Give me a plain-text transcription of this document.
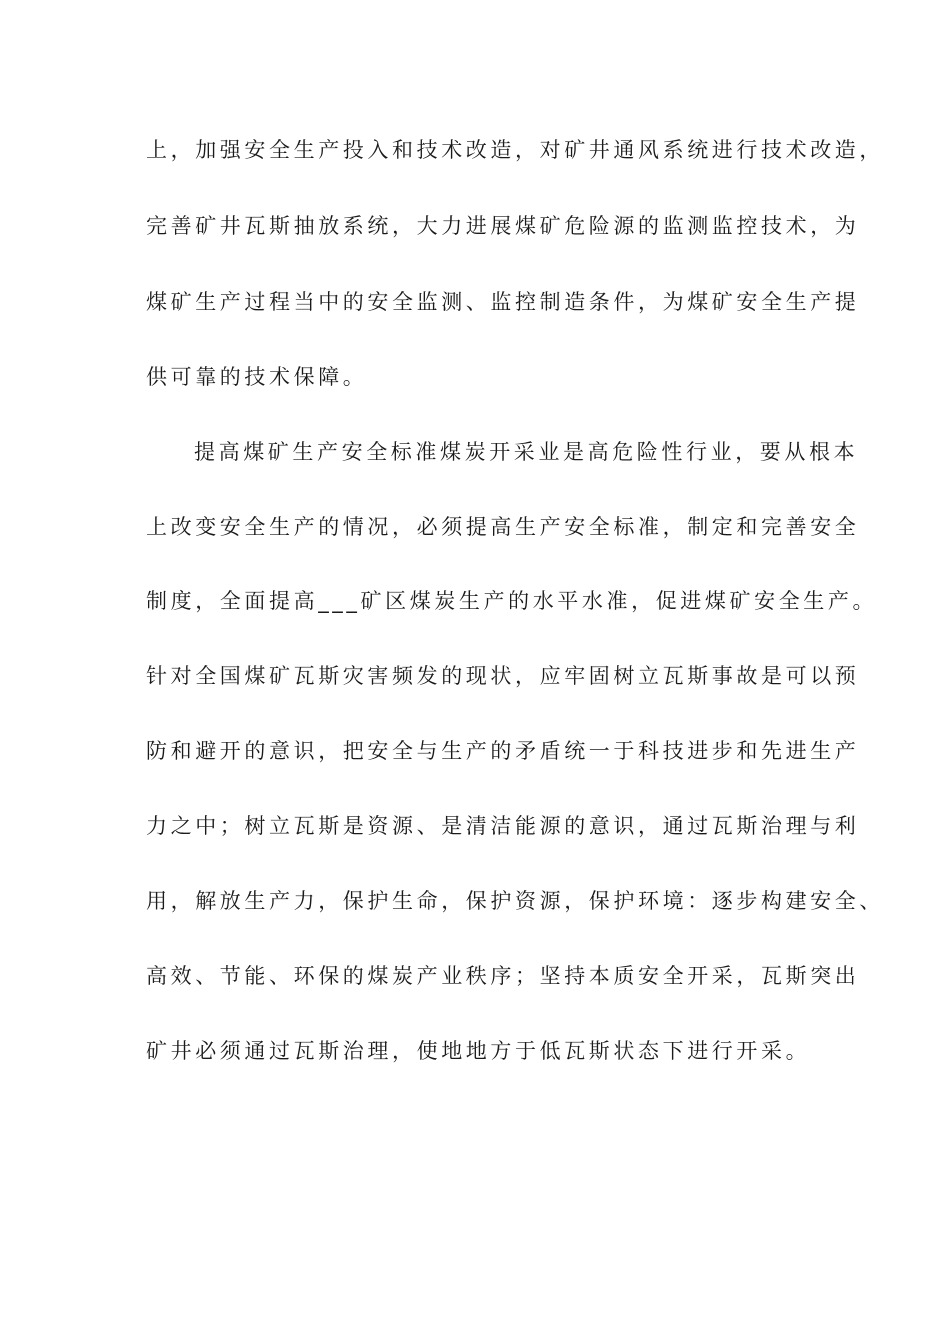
上，加强安全生产投入和技术改造，对矿井通风系统进行技术改造，
完善矿井瓦斯抽放系统，大力进展煤矿危险源的监测监控技术，为
煤矿生产过程当中的安全监测、监控制造条件，为煤矿安全生产提
供可靠的技术保障。
提高煤矿生产安全标准煤炭开采业是高危险性行业，要从根本
上改变安全生产的情况，必须提高生产安全标准，制定和完善安全
制度，全面提高___矿区煤炭生产的水平水准，促进煤矿安全生产。
针对全国煤矿瓦斯灾害频发的现状，应牢固树立瓦斯事故是可以预
防和避开的意识，把安全与生产的矛盾统一于科技进步和先进生产
力之中；树立瓦斯是资源、是清洁能源的意识，通过瓦斯治理与利
用，解放生产力，保护生命，保护资源，保护环境：逐步构建安全、
高效、节能、环保的煤炭产业秩序；坚持本质安全开采，瓦斯突出
矿井必须通过瓦斯治理，使地地方于低瓦斯状态下进行开采。
